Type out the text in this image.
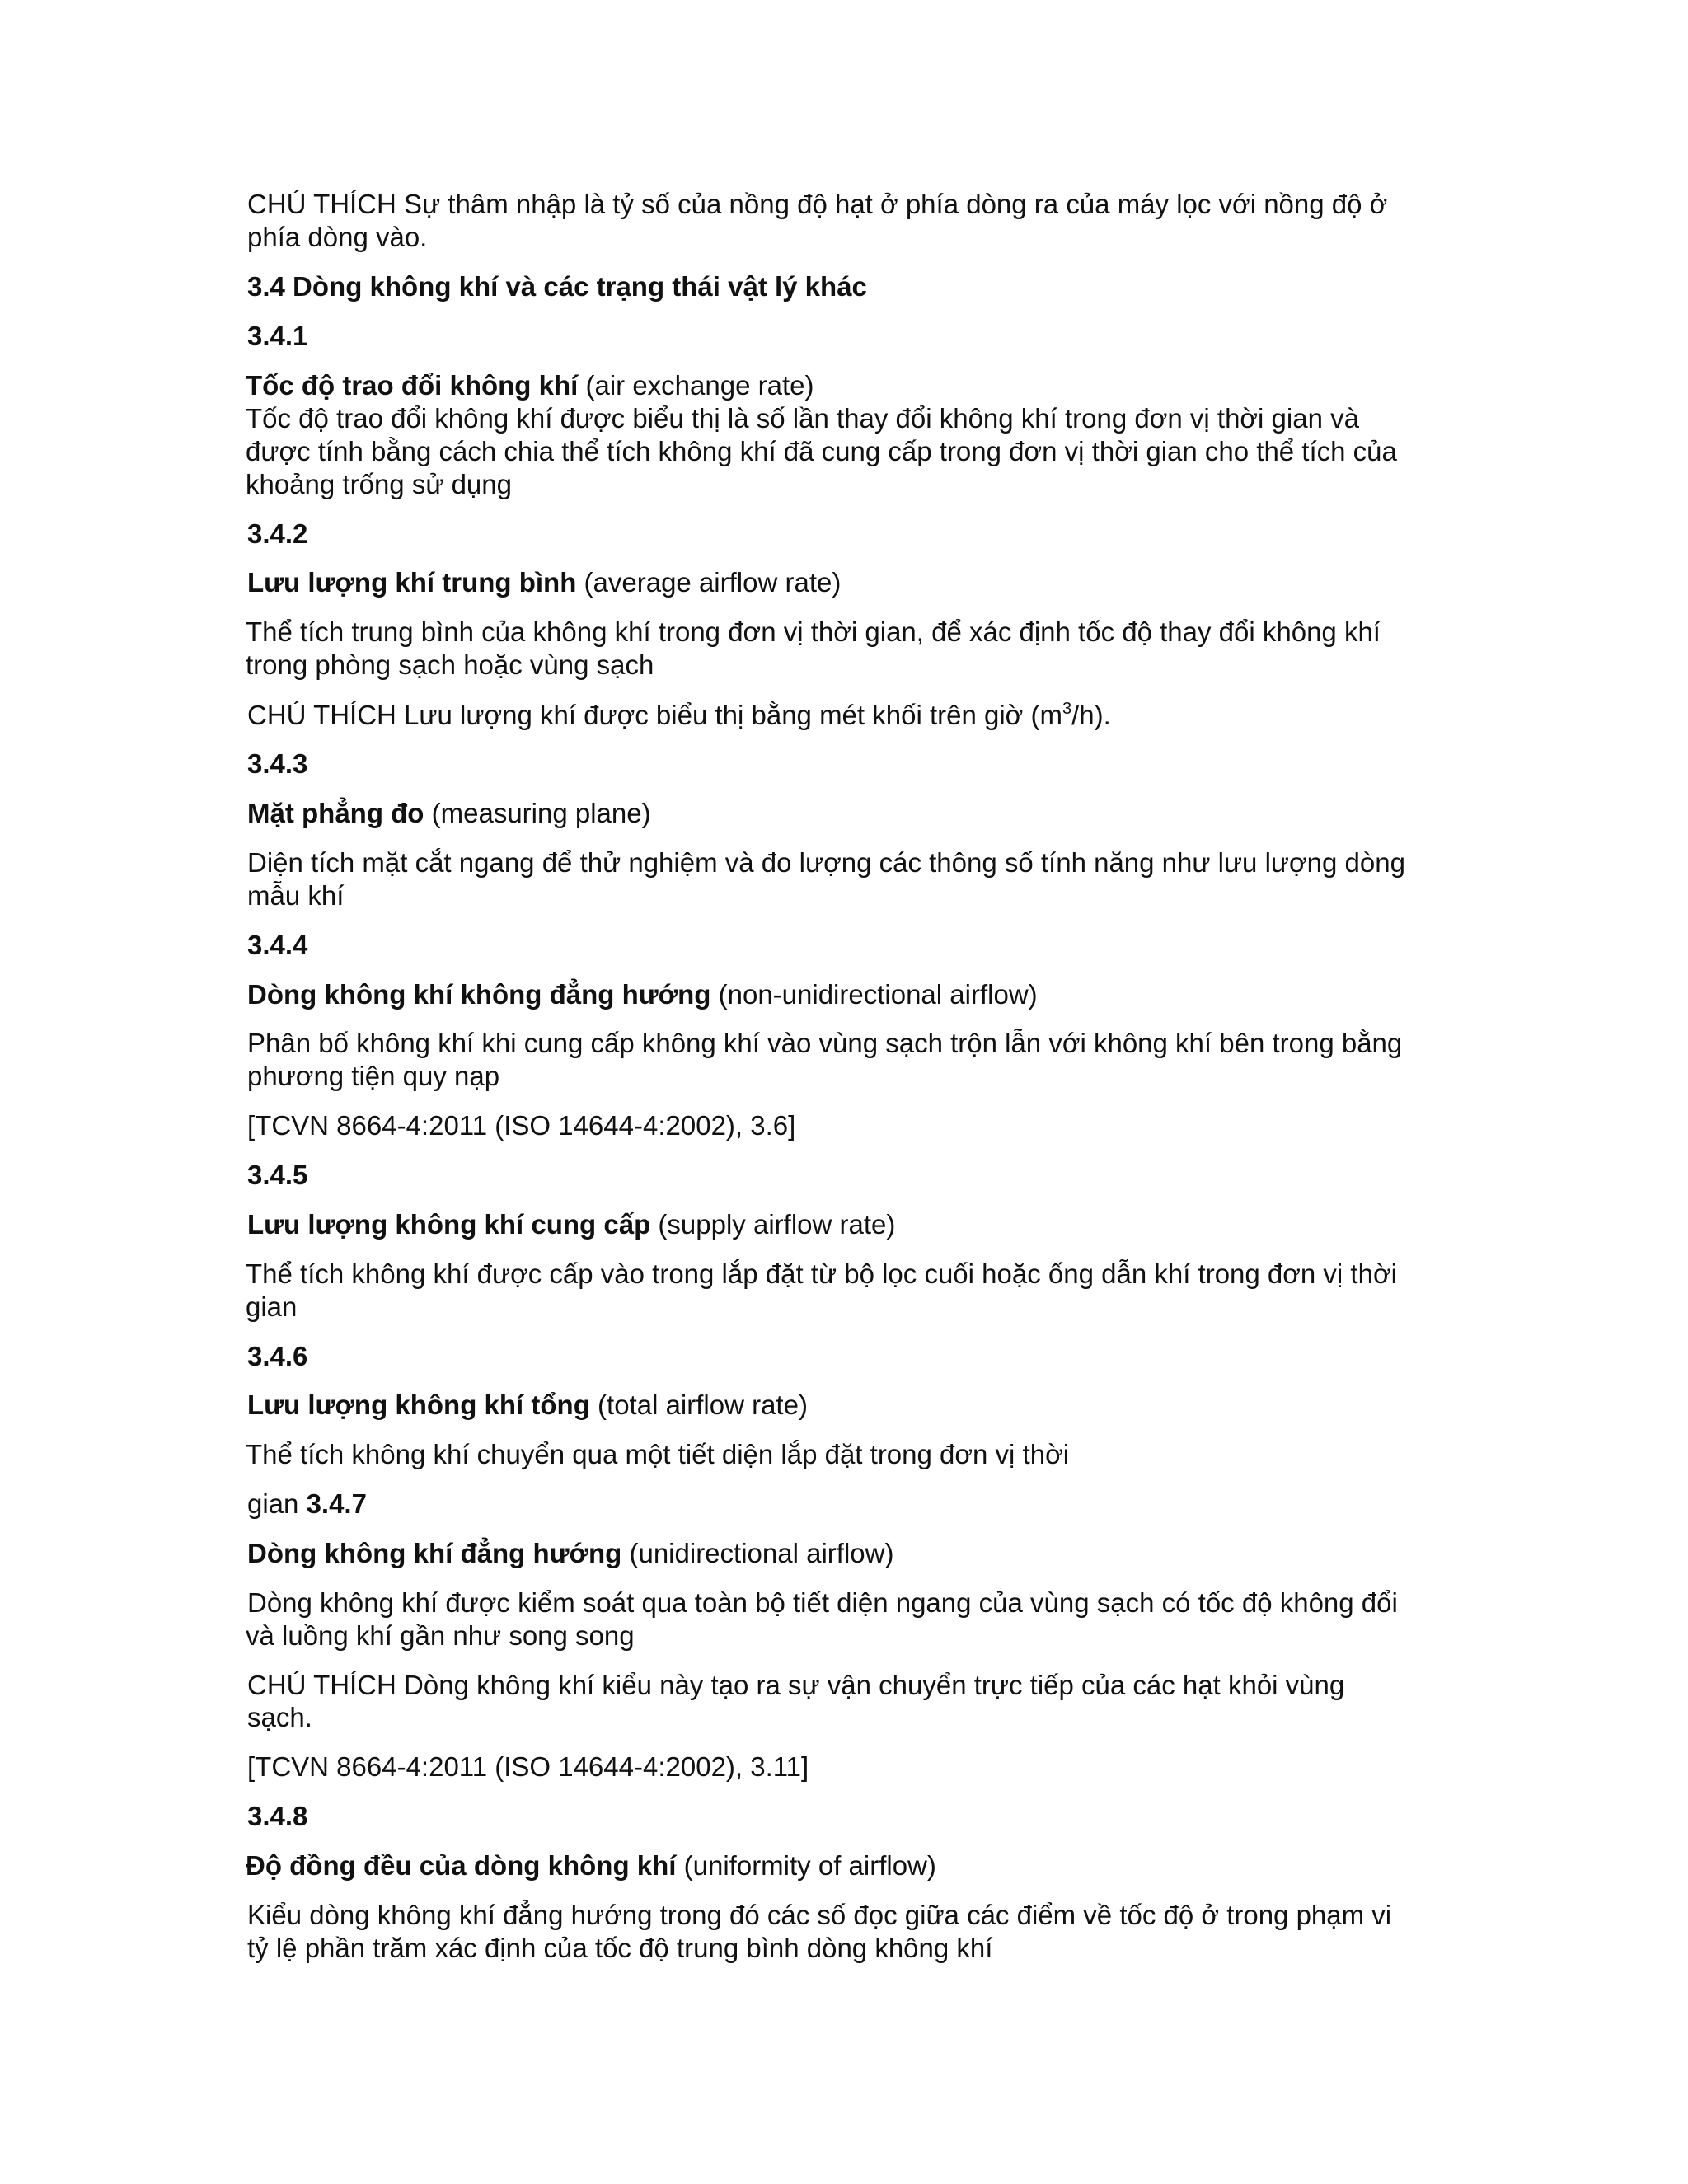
CHÚ THÍCH Sự thâm nhập là tỷ số của nồng độ hạt ở phía dòng ra của máy lọc với nồng độ ở
phía dòng vào.
3.4 Dòng không khí và các trạng thái vật lý khác
3.4.1
Tốc độ trao đổi không khí (air exchange rate)
Tốc độ trao đổi không khí được biểu thị là số lần thay đổi không khí trong đơn vị thời gian và
được tính bằng cách chia thể tích không khí đã cung cấp trong đơn vị thời gian cho thể tích của
khoảng trống sử dụng
3.4.2
Lưu lượng khí trung bình (average airflow rate)
Thể tích trung bình của không khí trong đơn vị thời gian, để xác định tốc độ thay đổi không khí
trong phòng sạch hoặc vùng sạch
CHÚ THÍCH Lưu lượng khí được biểu thị bằng mét khối trên giờ $(m^3/h)$.
3.4.3
Mặt phẳng đo (measuring plane)
Diện tích mặt cắt ngang để thử nghiệm và đo lượng các thông số tính năng như lưu lượng dòng
mẫu khí
3.4.4
Dòng không khí không đẳng hướng (non-unidirectional airflow)
Phân bố không khí khi cung cấp không khí vào vùng sạch trộn lẫn với không khí bên trong bằng
phương tiện quy nạp
[TCVN 8664-4:2011 (ISO 14644-4:2002), 3.6]
3.4.5
Lưu lượng không khí cung cấp (supply airflow rate)
Thể tích không khí được cấp vào trong lắp đặt từ bộ lọc cuối hoặc ống dẫn khí trong đơn vị thời
gian
3.4.6
Lưu lượng không khí tổng (total airflow rate)
Thể tích không khí chuyển qua một tiết diện lắp đặt trong đơn vị thời
gian 3.4.7
Dòng không khí đẳng hướng (unidirectional airflow)
Dòng không khí được kiểm soát qua toàn bộ tiết diện ngang của vùng sạch có tốc độ không đổi
và luồng khí gần như song song
CHÚ THÍCH Dòng không khí kiểu này tạo ra sự vận chuyển trực tiếp của các hạt khỏi vùng
sạch.
[TCVN 8664-4:2011 (ISO 14644-4:2002), 3.11]
3.4.8
Độ đồng đều của dòng không khí (uniformity of airflow)
Kiểu dòng không khí đẳng hướng trong đó các số đọc giữa các điểm về tốc độ ở trong phạm vi
tỷ lệ phần trăm xác định của tốc độ trung bình dòng không khí
